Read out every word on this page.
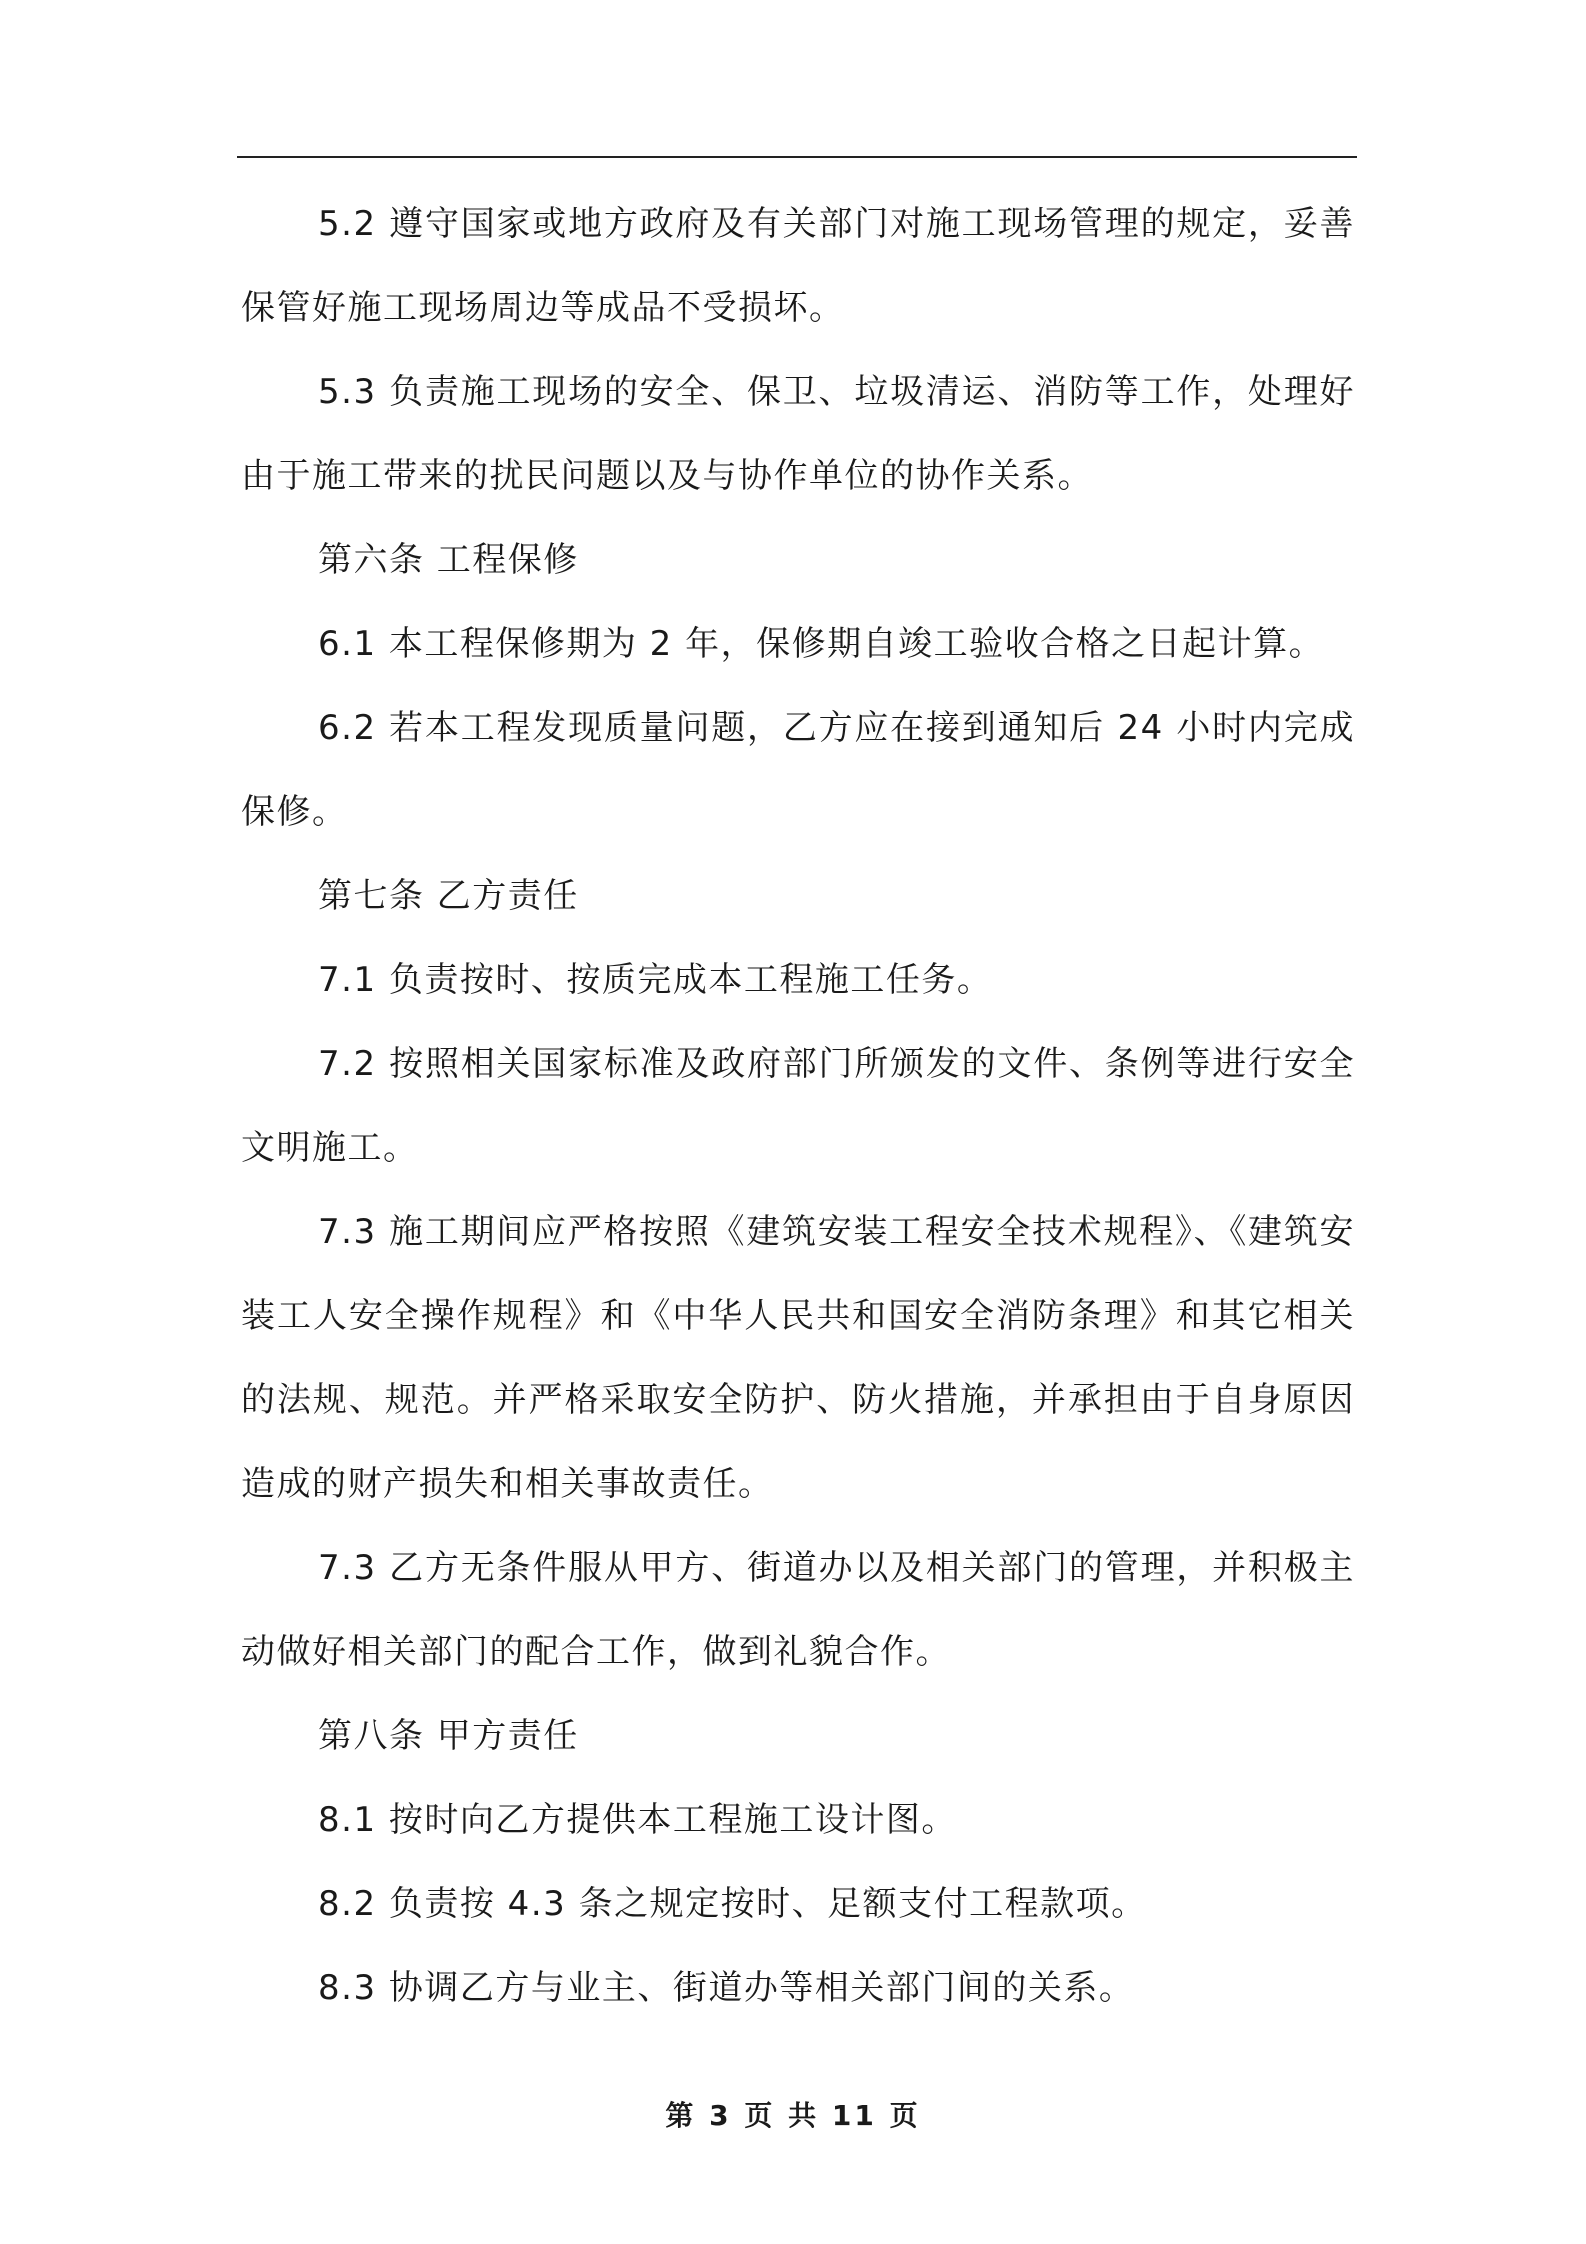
5.2 遵守国家或地方政府及有关部门对施工现场管理的规定，妥善保管好施工现场周边等成品不受损坏。

5.3 负责施工现场的安全、保卫、垃圾清运、消防等工作，处理好由于施工带来的扰民问题以及与协作单位的协作关系。

第六条 工程保修

6.1 本工程保修期为 2 年，保修期自竣工验收合格之日起计算。

6.2 若本工程发现质量问题，乙方应在接到通知后 24 小时内完成保修。

第七条 乙方责任

7.1 负责按时、按质完成本工程施工任务。

7.2 按照相关国家标准及政府部门所颁发的文件、条例等进行安全文明施工。

7.3 施工期间应严格按照《建筑安装工程安全技术规程》、《建筑安装工人安全操作规程》和《中华人民共和国安全消防条理》和其它相关的法规、规范。并严格采取安全防护、防火措施，并承担由于自身原因造成的财产损失和相关事故责任。

7.3 乙方无条件服从甲方、街道办以及相关部门的管理，并积极主动做好相关部门的配合工作，做到礼貌合作。

第八条 甲方责任

8.1 按时向乙方提供本工程施工设计图。

8.2 负责按 4.3 条之规定按时、足额支付工程款项。

8.3 协调乙方与业主、街道办等相关部门间的关系。

第 3 页 共 11 页
